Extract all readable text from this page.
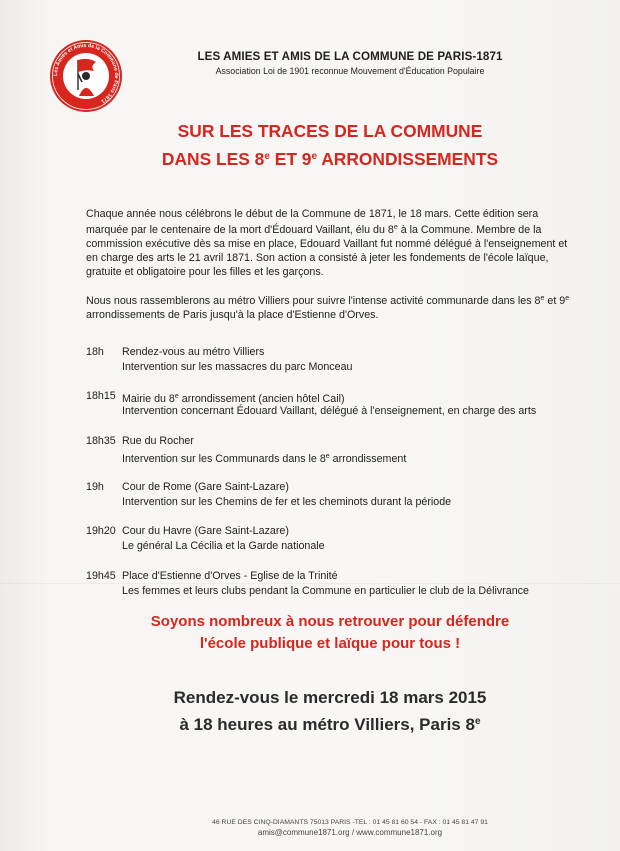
Les Amies et Amis de la Commune de Paris 1871
LES AMIES ET AMIS DE LA COMMUNE DE PARIS-1871
Association Loi de 1901 reconnue Mouvement d'Éducation Populaire
SUR LES TRACES DE LA COMMUNE
DANS LES 8e ET 9e ARRONDISSEMENTS

Chaque année nous célébrons le début de la Commune de 1871, le 18 mars. Cette édition sera marquée par le centenaire de la mort d'Édouard Vaillant, élu du 8e à la Commune. Membre de la commission exécutive dès sa mise en place, Edouard Vaillant fut nommé délégué à l'enseignement et en charge des arts le 21 avril 1871. Son action a consisté à jeter les fondements de l'école laïque, gratuite et obligatoire pour les filles et les garçons.

Nous nous rassemblerons au métro Villiers pour suivre l'intense activité communarde dans les 8e et 9e arrondissements de Paris jusqu'à la place d'Estienne d'Orves.

18h	Rendez-vous au métro Villiers
Intervention sur les massacres du parc Monceau
18h15 Mairie du 8e arrondissement (ancien hôtel Cail)
Intervention concernant Édouard Vaillant, délégué à l'enseignement, en charge des arts
18h35 Rue du Rocher
Intervention sur les Communards dans le 8e arrondissement
19h	Cour de Rome (Gare Saint-Lazare)
Intervention sur les Chemins de fer et les cheminots durant la période
19h20 Cour du Havre (Gare Saint-Lazare)
Le général La Cécilia et la Garde nationale
19h45 Place d'Estienne d'Orves - Eglise de la Trinité
Les femmes et leurs clubs pendant la Commune en particulier le club de la Délivrance
Soyons nombreux à nous retrouver pour défendre
l'école publique et laïque pour tous !
Rendez-vous le mercredi 18 mars 2015
à 18 heures au métro Villiers, Paris 8e
46 RUE DES CINQ-DIAMANTS 75013 PARIS -TEL : 01 45 81 60 54 - FAX : 01 45 81 47 91
amis@commune1871.org / www.commune1871.org
